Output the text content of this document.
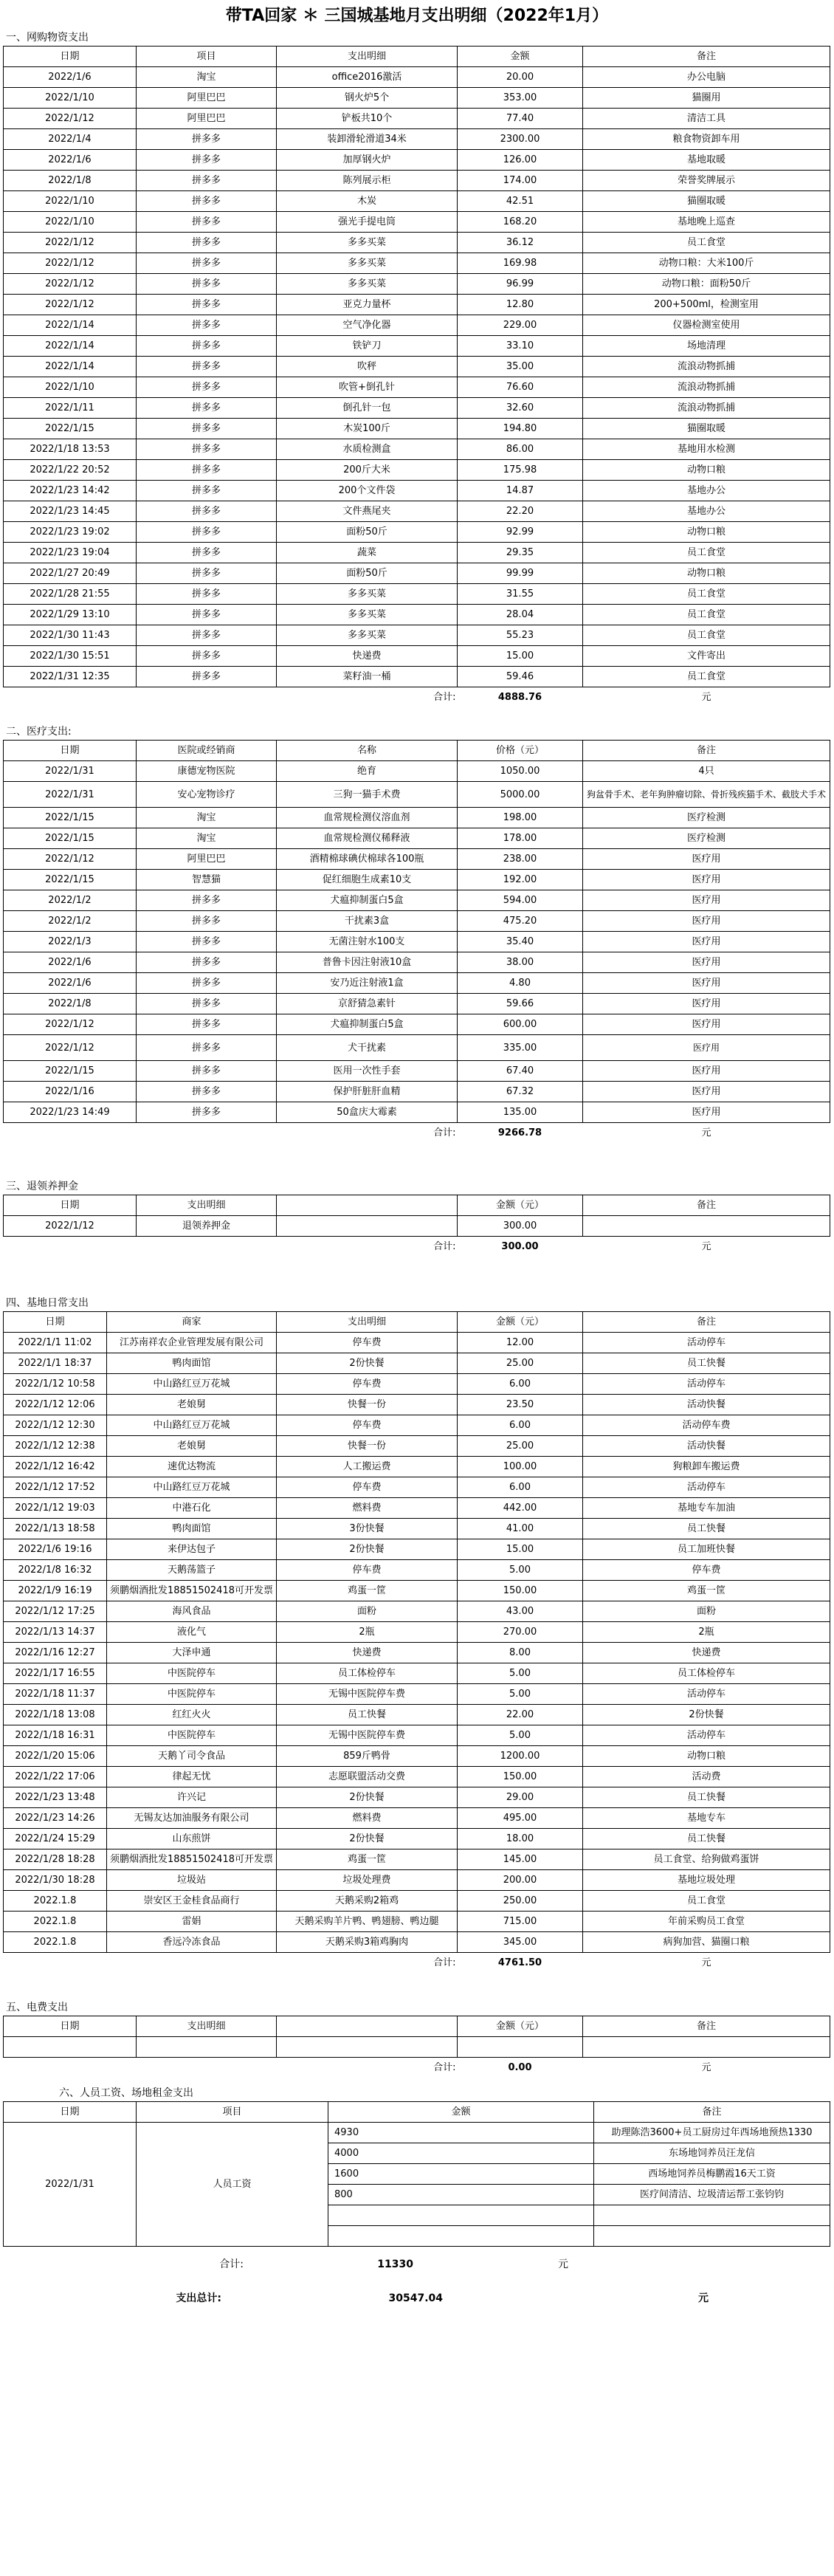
带TA回家 ＊ 三国城基地月支出明细（2022年1月）
一、网购物资支出
日期	项目	支出明细	金额	备注
2022/1/6	淘宝	office2016激活	20.00	办公电脑
2022/1/10	阿里巴巴	钢火炉5个	353.00	猫圈用
2022/1/12	阿里巴巴	铲板共10个	77.40	清洁工具
2022/1/4	拼多多	装卸滑轮滑道34米	2300.00	粮食物资卸车用
2022/1/6	拼多多	加厚钢火炉	126.00	基地取暖
2022/1/8	拼多多	陈列展示柜	174.00	荣誉奖牌展示
2022/1/10	拼多多	木炭	42.51	猫圈取暖
2022/1/10	拼多多	强光手提电筒	168.20	基地晚上巡查
2022/1/12	拼多多	多多买菜	36.12	员工食堂
2022/1/12	拼多多	多多买菜	169.98	动物口粮：大米100斤
2022/1/12	拼多多	多多买菜	96.99	动物口粮：面粉50斤
2022/1/12	拼多多	亚克力量杯	12.80	200+500ml，检测室用
2022/1/14	拼多多	空气净化器	229.00	仪器检测室使用
2022/1/14	拼多多	铁铲刀	33.10	场地清理
2022/1/14	拼多多	吹秤	35.00	流浪动物抓捕
2022/1/10	拼多多	吹管+倒孔针	76.60	流浪动物抓捕
2022/1/11	拼多多	倒孔针一包	32.60	流浪动物抓捕
2022/1/15	拼多多	木炭100斤	194.80	猫圈取暖
2022/1/18 13:53	拼多多	水质检测盒	86.00	基地用水检测
2022/1/22 20:52	拼多多	200斤大米	175.98	动物口粮
2022/1/23 14:42	拼多多	200个文件袋	14.87	基地办公
2022/1/23 14:45	拼多多	文件燕尾夹	22.20	基地办公
2022/1/23 19:02	拼多多	面粉50斤	92.99	动物口粮
2022/1/23 19:04	拼多多	蔬菜	29.35	员工食堂
2022/1/27 20:49	拼多多	面粉50斤	99.99	动物口粮
2022/1/28 21:55	拼多多	多多买菜	31.55	员工食堂
2022/1/29 13:10	拼多多	多多买菜	28.04	员工食堂
2022/1/30 11:43	拼多多	多多买菜	55.23	员工食堂
2022/1/30 15:51	拼多多	快递费	15.00	文件寄出
2022/1/31 12:35	拼多多	菜籽油一桶	59.46	员工食堂
		合计:	4888.76	元
二、医疗支出:
日期	医院或经销商	名称	价格（元）	备注
2022/1/31	康德宠物医院	绝育	1050.00	4只
2022/1/31	安心宠物诊疗	三狗一猫手术费	5000.00	狗盆骨手术、老年狗肿瘤切除、骨折残疾猫手术、截肢犬手术
2022/1/15	淘宝	血常规检测仪溶血剂	198.00	医疗检测
2022/1/15	淘宝	血常规检测仪稀释液	178.00	医疗检测
2022/1/12	阿里巴巴	酒精棉球碘伏棉球各100瓶	238.00	医疗用
2022/1/15	智慧猫	促红细胞生成素10支	192.00	医疗用
2022/1/2	拼多多	犬瘟抑制蛋白5盒	594.00	医疗用
2022/1/2	拼多多	干扰素3盒	475.20	医疗用
2022/1/3	拼多多	无菌注射水100支	35.40	医疗用
2022/1/6	拼多多	普鲁卡因注射液10盒	38.00	医疗用
2022/1/6	拼多多	安乃近注射液1盒	4.80	医疗用
2022/1/8	拼多多	京舒猜急素针	59.66	医疗用
2022/1/12	拼多多	犬瘟抑制蛋白5盒	600.00	医疗用
2022/1/12	拼多多	犬干扰素	335.00	医疗用
2022/1/15	拼多多	医用一次性手套	67.40	医疗用
2022/1/16	拼多多	保护肝脏肝血精	67.32	医疗用
2022/1/23 14:49	拼多多	50盒庆大霉素	135.00	医疗用
		合计:	9266.78	元
三、退领养押金
日期	支出明细		金额（元）	备注
2022/1/12	退领养押金		300.00	
		合计:	300.00	元
四、基地日常支出
日期	商家	支出明细	金额（元）	备注
2022/1/1 11:02	江苏南祥农企业管理发展有限公司	停车费	12.00	活动停车
2022/1/1 18:37	鸭肉面馆	2份快餐	25.00	员工快餐
2022/1/12 10:58	中山路红豆万花城	停车费	6.00	活动停车
2022/1/12 12:06	老娘舅	快餐一份	23.50	活动快餐
2022/1/12 12:30	中山路红豆万花城	停车费	6.00	活动停车费
2022/1/12 12:38	老娘舅	快餐一份	25.00	活动快餐
2022/1/12 16:42	速优达物流	人工搬运费	100.00	狗粮卸车搬运费
2022/1/12 17:52	中山路红豆万花城	停车费	6.00	活动停车
2022/1/12 19:03	中港石化	燃料费	442.00	基地专车加油
2022/1/13 18:58	鸭肉面馆	3份快餐	41.00	员工快餐
2022/1/6 19:16	来伊达包子	2份快餐	15.00	员工加班快餐
2022/1/8 16:32	天鹅荡篮子	停车费	5.00	停车费
2022/1/9 16:19	须鹏烟酒批发18851502418可开发票	鸡蛋一筐	150.00	鸡蛋一筐
2022/1/12 17:25	海风食品	面粉	43.00	面粉
2022/1/13 14:37	液化气	2瓶	270.00	2瓶
2022/1/16 12:27	大泽申通	快递费	8.00	快递费
2022/1/17 16:55	中医院停车	员工体检停车	5.00	员工体检停车
2022/1/18 11:37	中医院停车	无锡中医院停车费	5.00	活动停车
2022/1/18 13:08	红红火火	员工快餐	22.00	2份快餐
2022/1/18 16:31	中医院停车	无锡中医院停车费	5.00	活动停车
2022/1/20 15:06	天鹅丫司令食品	859斤鸭骨	1200.00	动物口粮
2022/1/22 17:06	律起无忧	志愿联盟活动交费	150.00	活动费
2022/1/23 13:48	许兴记	2份快餐	29.00	员工快餐
2022/1/23 14:26	无锡友达加油服务有限公司	燃料费	495.00	基地专车
2022/1/24 15:29	山东煎饼	2份快餐	18.00	员工快餐
2022/1/28 18:28	须鹏烟酒批发18851502418可开发票	鸡蛋一筐	145.00	员工食堂、给狗做鸡蛋饼
2022/1/30 18:28	垃圾站	垃圾处理费	200.00	基地垃圾处理
2022.1.8	崇安区王金桂食品商行	天鹅采购2箱鸡	250.00	员工食堂
2022.1.8	雷娟	天鹅采购羊片鸭、鸭翅膀、鸭边腿	715.00	年前采购员工食堂
2022.1.8	香远冷冻食品	天鹅采购3箱鸡胸肉	345.00	病狗加营、猫圈口粮
		合计:	4761.50	元
五、电费支出
日期	支出明细		金额（元）	备注

		合计:	0.00	元
六、人员工资、场地租金支出
日期	项目	金额	备注
2022/1/31	人员工资	4930	助理陈浩3600+员工厨房过年西场地预热1330
		4000	东场地饲养员汪龙信
		1600	西场地饲养员梅鹏霞16天工资
		800	医疗间清洁、垃圾清运帮工张钧钧

合计:	11330	元
支出总计:	30547.04	元
